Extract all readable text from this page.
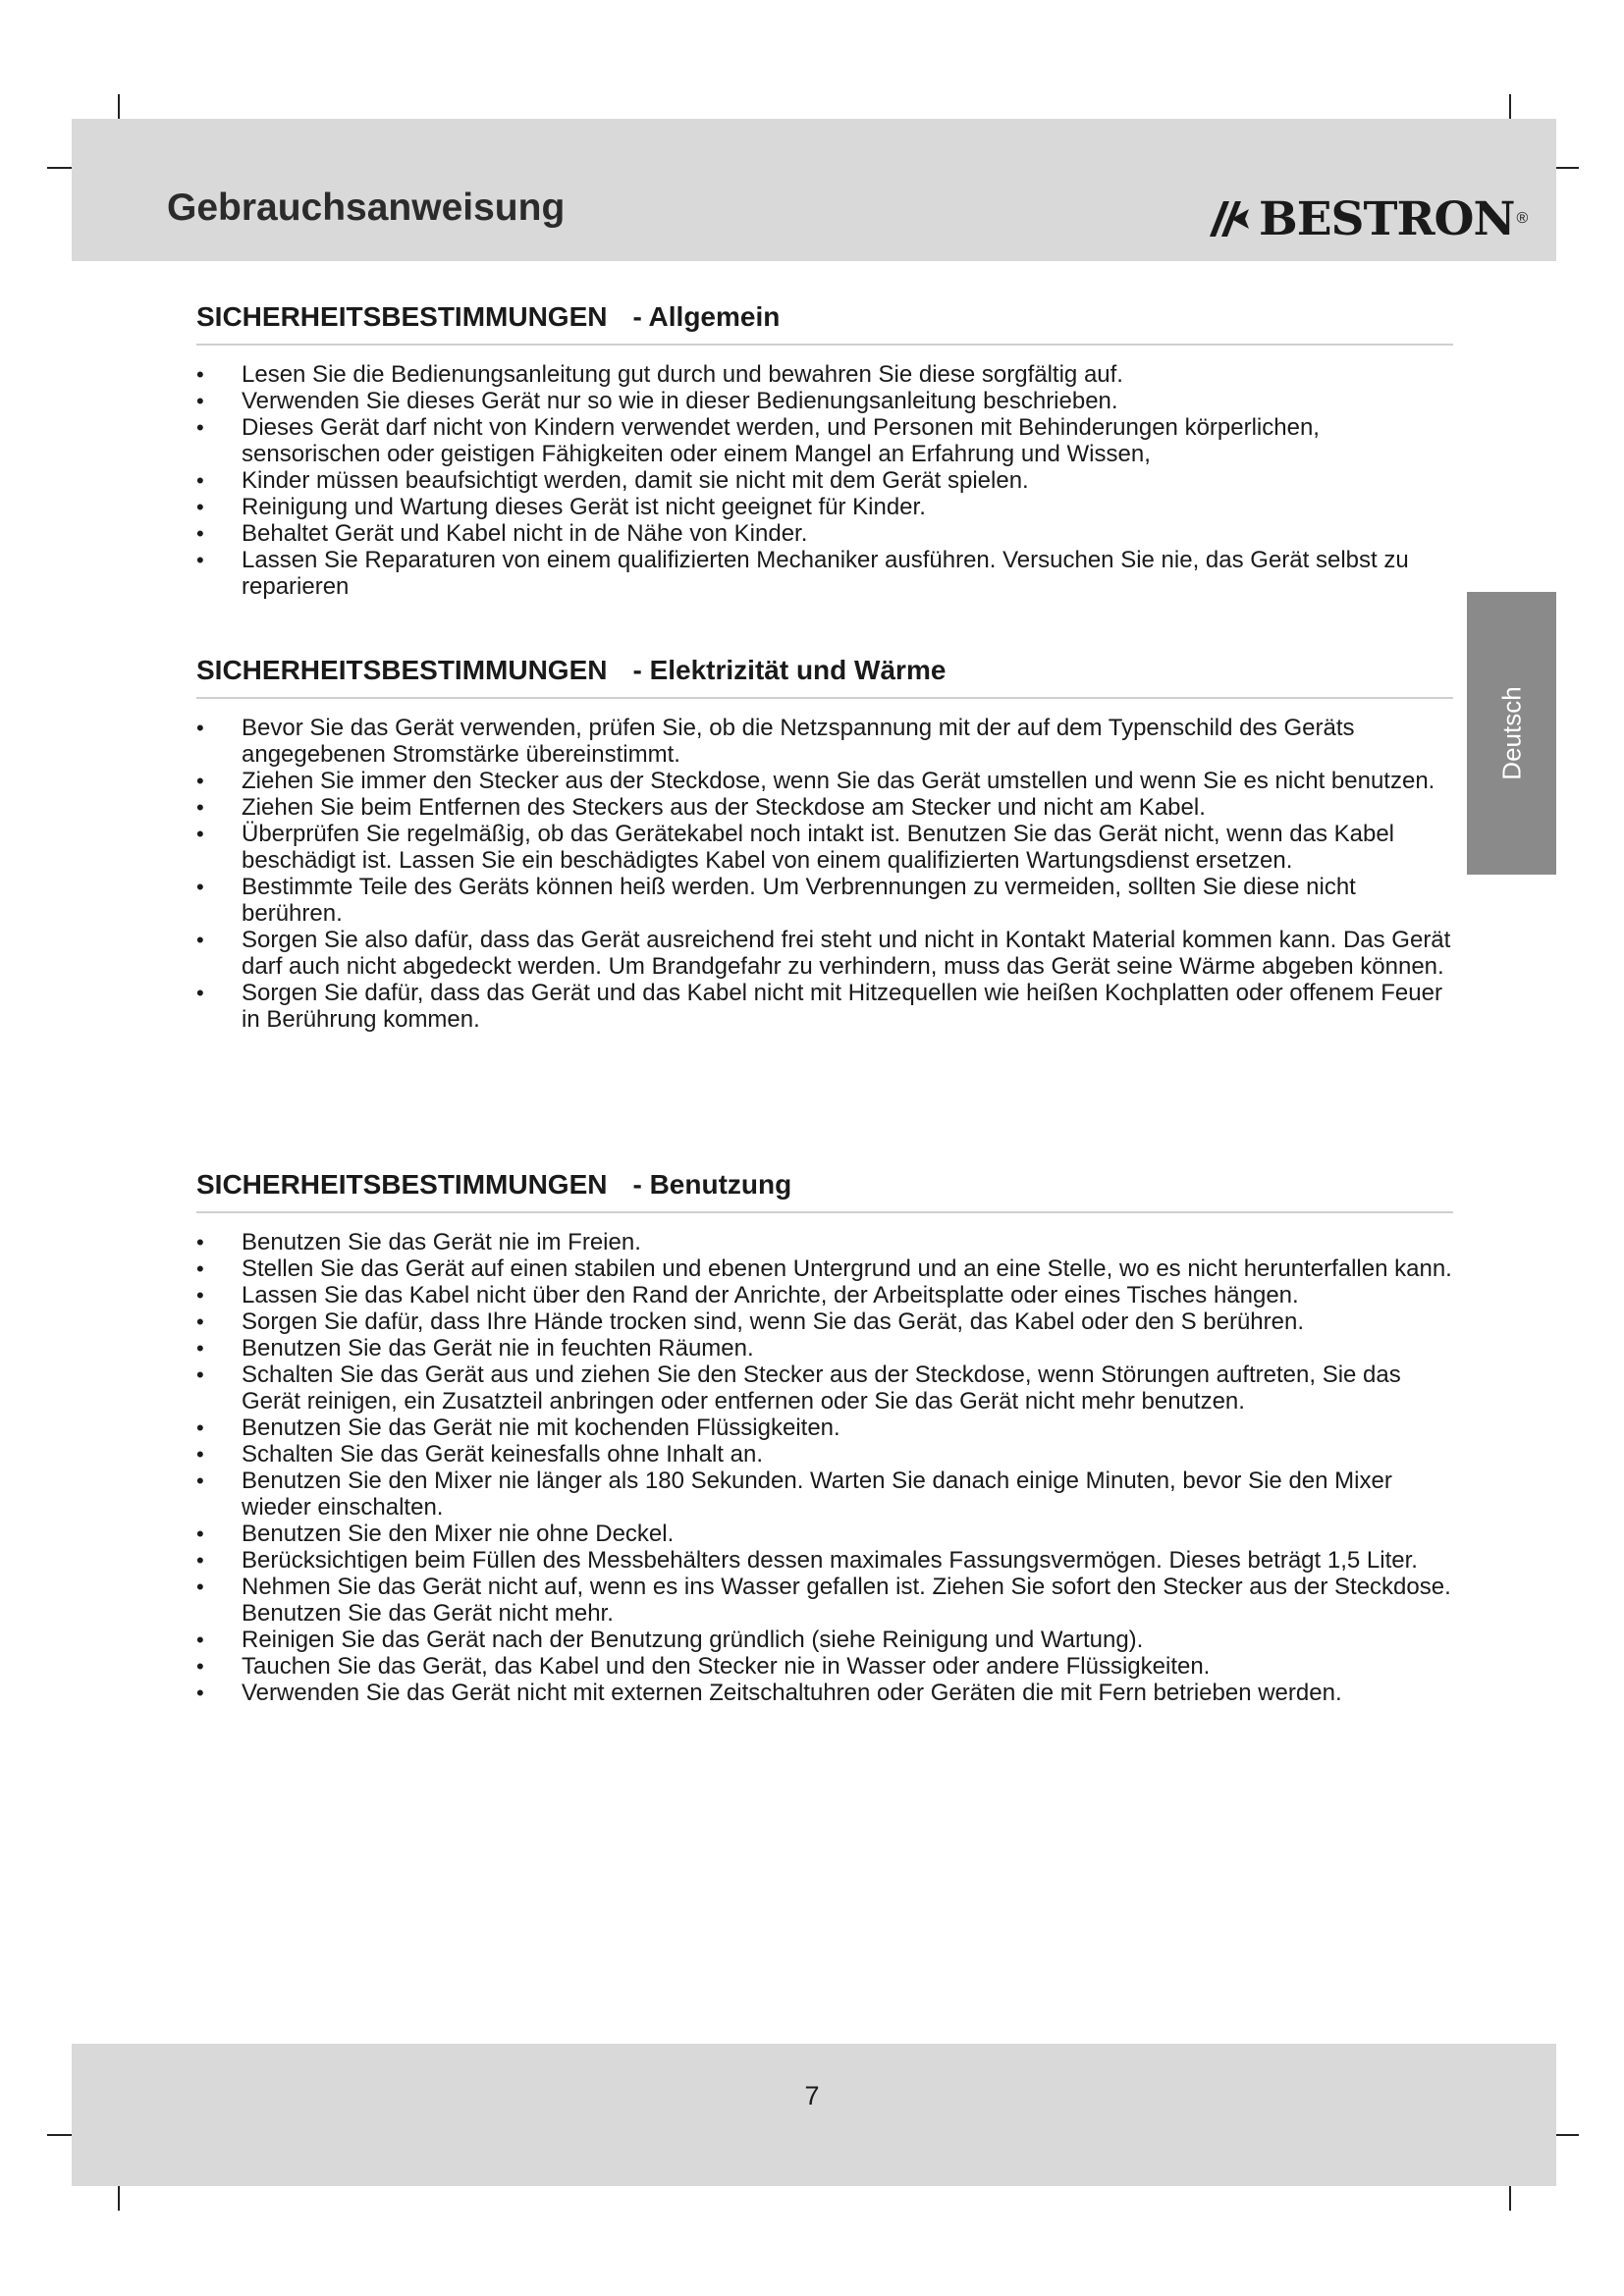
Gebrauchsanweisung	BESTRON ®
Deutsch
SICHERHEITSBESTIMMUNGEN - Allgemein
• Lesen Sie die Bedienungsanleitung gut durch und bewahren Sie diese sorgfältig auf.
• Verwenden Sie dieses Gerät nur so wie in dieser Bedienungsanleitung beschrieben.
• Dieses Gerät darf nicht von Kindern verwendet werden, und Personen mit Behinderungen körperlichen, sensorischen oder geistigen Fähigkeiten oder einem Mangel an Erfahrung und Wissen,
• Kinder müssen beaufsichtigt werden, damit sie nicht mit dem Gerät spielen.
• Reinigung und Wartung dieses Gerät ist nicht geeignet für Kinder.
• Behaltet Gerät und Kabel nicht in de Nähe von Kinder.
• Lassen Sie Reparaturen von einem qualifizierten Mechaniker ausführen. Versuchen Sie nie, das Gerät selbst zu reparieren
SICHERHEITSBESTIMMUNGEN - Elektrizität und Wärme
• Bevor Sie das Gerät verwenden, prüfen Sie, ob die Netzspannung mit der auf dem Typenschild des Geräts angegebenen Stromstärke übereinstimmt.
• Ziehen Sie immer den Stecker aus der Steckdose, wenn Sie das Gerät umstellen und wenn Sie es nicht benutzen.
• Ziehen Sie beim Entfernen des Steckers aus der Steckdose am Stecker und nicht am Kabel.
• Überprüfen Sie regelmäßig, ob das Gerätekabel noch intakt ist. Benutzen Sie das Gerät nicht, wenn das Kabel beschädigt ist. Lassen Sie ein beschädigtes Kabel von einem qualifizierten Wartungsdienst ersetzen.
• Bestimmte Teile des Geräts können heiß werden. Um Verbrennungen zu vermeiden, sollten Sie diese nicht berühren.
• Sorgen Sie also dafür, dass das Gerät ausreichend frei steht und nicht in Kontakt Material kommen kann. Das Gerät darf auch nicht abgedeckt werden. Um Brandgefahr zu verhindern, muss das Gerät seine Wärme abgeben können.
• Sorgen Sie dafür, dass das Gerät und das Kabel nicht mit Hitzequellen wie heißen Kochplatten oder offenem Feuer in Berührung kommen.
SICHERHEITSBESTIMMUNGEN - Benutzung
• Benutzen Sie das Gerät nie im Freien.
• Stellen Sie das Gerät auf einen stabilen und ebenen Untergrund und an eine Stelle, wo es nicht herunterfallen kann.
• Lassen Sie das Kabel nicht über den Rand der Anrichte, der Arbeitsplatte oder eines Tisches hängen.
• Sorgen Sie dafür, dass Ihre Hände trocken sind, wenn Sie das Gerät, das Kabel oder den S berühren.
• Benutzen Sie das Gerät nie in feuchten Räumen.
• Schalten Sie das Gerät aus und ziehen Sie den Stecker aus der Steckdose, wenn Störungen auftreten, Sie das Gerät reinigen, ein Zusatzteil anbringen oder entfernen oder Sie das Gerät nicht mehr benutzen.
• Benutzen Sie das Gerät nie mit kochenden Flüssigkeiten.
• Schalten Sie das Gerät keinesfalls ohne Inhalt an.
• Benutzen Sie den Mixer nie länger als 180 Sekunden. Warten Sie danach einige Minuten, bevor Sie den Mixer wieder einschalten.
• Benutzen Sie den Mixer nie ohne Deckel.
• Berücksichtigen beim Füllen des Messbehälters dessen maximales Fassungsvermögen. Dieses beträgt 1,5 Liter.
• Nehmen Sie das Gerät nicht auf, wenn es ins Wasser gefallen ist. Ziehen Sie sofort den Stecker aus der Steckdose. Benutzen Sie das Gerät nicht mehr.
• Reinigen Sie das Gerät nach der Benutzung gründlich (siehe Reinigung und Wartung).
• Tauchen Sie das Gerät, das Kabel und den Stecker nie in Wasser oder andere Flüssigkeiten.
• Verwenden Sie das Gerät nicht mit externen Zeitschaltuhren oder Geräten die mit Fern betrieben werden.
7
